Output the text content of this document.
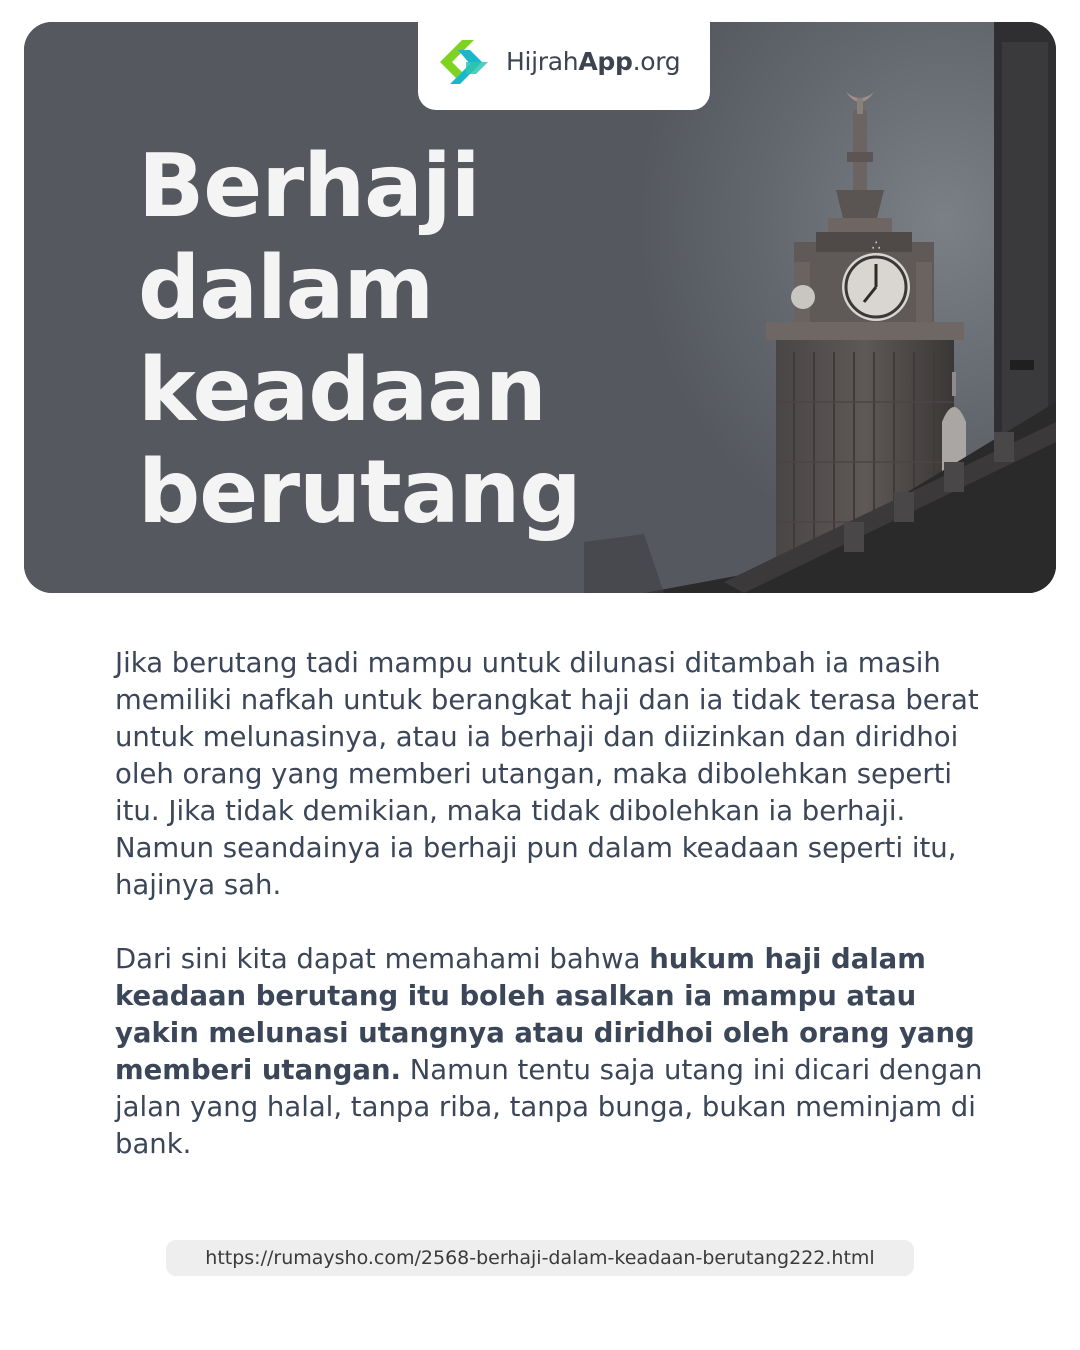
∴
HijrahApp.org
Berhaji dalam keadaan berutang

Jika berutang tadi mampu untuk dilunasi ditambah ia masih memiliki nafkah untuk berangkat haji dan ia tidak terasa berat untuk melunasinya, atau ia berhaji dan diizinkan dan diridhoi oleh orang yang memberi utangan, maka dibolehkan seperti itu. Jika tidak demikian, maka tidak dibolehkan ia berhaji. Namun seandainya ia berhaji pun dalam keadaan seperti itu, hajinya sah.

Dari sini kita dapat memahami bahwa hukum haji dalam keadaan berutang itu boleh asalkan ia mampu atau yakin melunasi utangnya atau diridhoi oleh orang yang memberi utangan. Namun tentu saja utang ini dicari dengan jalan yang halal, tanpa riba, tanpa bunga, bukan meminjam di bank.

https://rumaysho.com/2568-berhaji-dalam-keadaan-berutang222.html
